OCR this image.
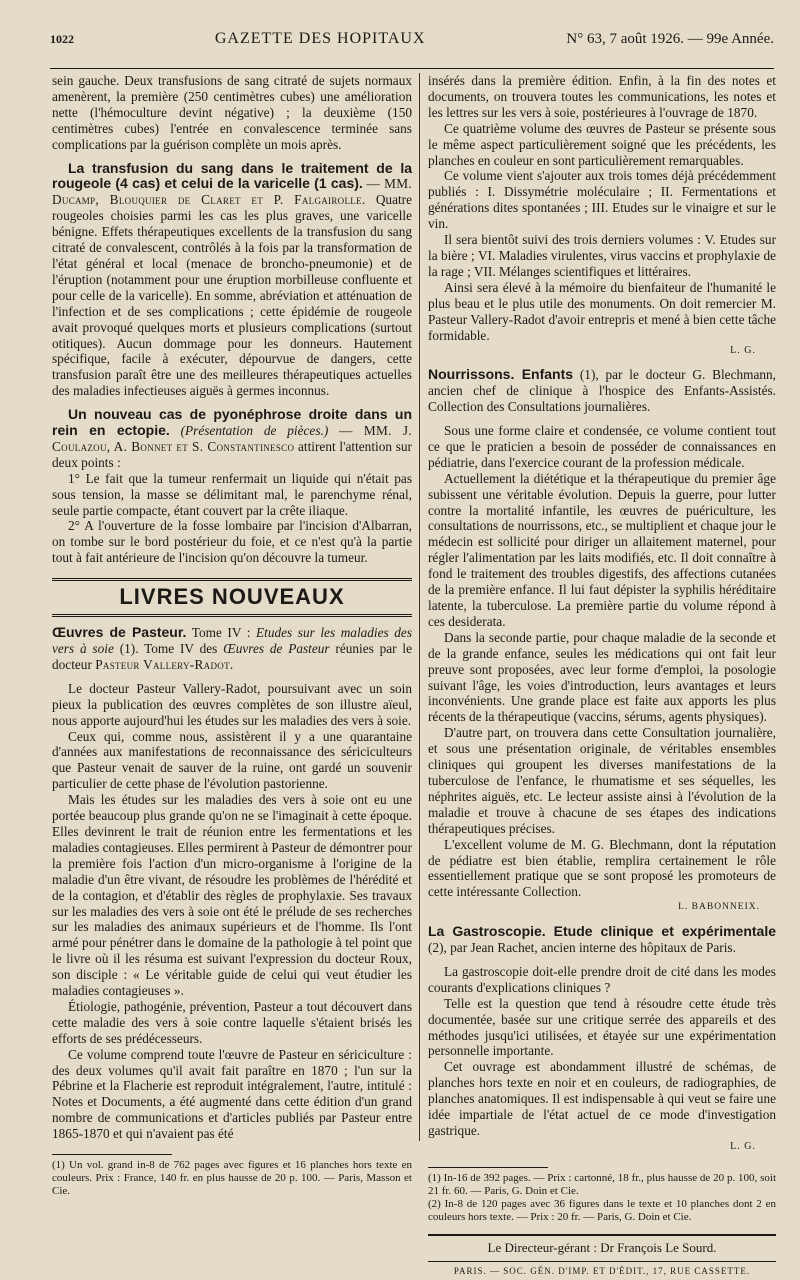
1022	GAZETTE DES HOPITAUX	N° 63, 7 août 1926. — 99e Année.

sein gauche. Deux transfusions de sang citraté de sujets normaux amenèrent, la première (250 centimètres cubes) une amélioration nette (l'hémoculture devint négative) ; la deuxième (150 centimètres cubes) l'entrée en convalescence terminée sans complications par la guérison complète un mois après.

La transfusion du sang dans le traitement de la rougeole (4 cas) et celui de la varicelle (1 cas). — MM. Ducamp, Blouquier de Claret et P. Falgairolle. Quatre rougeoles choisies parmi les cas les plus graves, une varicelle bénigne. Effets thérapeutiques excellents de la transfusion du sang citraté de convalescent, contrôlés à la fois par la transformation de l'état général et local (menace de broncho-pneumonie) et de l'éruption (notamment pour une éruption morbilleuse confluente et pour celle de la varicelle). En somme, abréviation et atténuation de l'infection et de ses complications ; cette épidémie de rougeole avait provoqué quelques morts et plusieurs complications (surtout otitiques). Aucun dommage pour les donneurs. Hautement spécifique, facile à exécuter, dépourvue de dangers, cette transfusion paraît être une des meilleures thérapeutiques actuelles des maladies infectieuses aiguës à germes inconnus.

Un nouveau cas de pyonéphrose droite dans un rein en ectopie. (Présentation de pièces.) — MM. J. Coulazou, A. Bonnet et S. Constantinesco attirent l'attention sur deux points :

1° Le fait que la tumeur renfermait un liquide qui n'était pas sous tension, la masse se délimitant mal, le parenchyme rénal, seule partie compacte, étant couvert par la crête iliaque.

2° A l'ouverture de la fosse lombaire par l'incision d'Albarran, on tombe sur le bord postérieur du foie, et ce n'est qu'à la partie tout à fait antérieure de l'incision qu'on découvre la tumeur.

LIVRES NOUVEAUX

Œuvres de Pasteur. Tome IV : Etudes sur les maladies des vers à soie (1). Tome IV des Œuvres de Pasteur réunies par le docteur Pasteur Vallery-Radot.

Le docteur Pasteur Vallery-Radot, poursuivant avec un soin pieux la publication des œuvres complètes de son illustre aïeul, nous apporte aujourd'hui les études sur les maladies des vers à soie.

Ceux qui, comme nous, assistèrent il y a une quarantaine d'années aux manifestations de reconnaissance des sériciculteurs que Pasteur venait de sauver de la ruine, ont gardé un souvenir particulier de cette phase de l'évolution pastorienne.

Mais les études sur les maladies des vers à soie ont eu une portée beaucoup plus grande qu'on ne se l'imaginait à cette époque. Elles devinrent le trait de réunion entre les fermentations et les maladies contagieuses. Elles permirent à Pasteur de démontrer pour la première fois l'action d'un micro-organisme à l'origine de la maladie d'un être vivant, de résoudre les problèmes de l'hérédité et de la contagion, et d'établir des règles de prophylaxie. Ses travaux sur les maladies des vers à soie ont été le prélude de ses recherches sur les maladies des animaux supérieurs et de l'homme. Ils l'ont armé pour pénétrer dans le domaine de la pathologie à tel point que le livre où il les résuma est suivant l'expression du docteur Roux, son disciple : « Le véritable guide de celui qui veut étudier les maladies contagieuses ».

Étiologie, pathogénie, prévention, Pasteur a tout découvert dans cette maladie des vers à soie contre laquelle s'étaient brisés les efforts de ses prédécesseurs.

Ce volume comprend toute l'œuvre de Pasteur en sériciculture : des deux volumes qu'il avait fait paraître en 1870 ; l'un sur la Pébrine et la Flacherie est reproduit intégralement, l'autre, intitulé : Notes et Documents, a été augmenté dans cette édition d'un grand nombre de communications et d'articles publiés par Pasteur entre 1865-1870 et qui n'avaient pas été

(1) Un vol. grand in-8 de 762 pages avec figures et 16 planches hors texte en couleurs. Prix : France, 140 fr. en plus hausse de 20 p. 100. — Paris, Masson et Cie.

insérés dans la première édition. Enfin, à la fin des notes et documents, on trouvera toutes les communications, les notes et les lettres sur les vers à soie, postérieures à l'ouvrage de 1870.

Ce quatrième volume des œuvres de Pasteur se présente sous le même aspect particulièrement soigné que les précédents, les planches en couleur en sont particulièrement remarquables.

Ce volume vient s'ajouter aux trois tomes déjà précédemment publiés : I. Dissymétrie moléculaire ; II. Fermentations et générations dites spontanées ; III. Etudes sur le vinaigre et sur le vin.

Il sera bientôt suivi des trois derniers volumes : V. Etudes sur la bière ; VI. Maladies virulentes, virus vaccins et prophylaxie de la rage ; VII. Mélanges scientifiques et littéraires.

Ainsi sera élevé à la mémoire du bienfaiteur de l'humanité le plus beau et le plus utile des monuments. On doit remercier M. Pasteur Vallery-Radot d'avoir entrepris et mené à bien cette tâche formidable.

L. G.

Nourrissons. Enfants (1), par le docteur G. Blechmann, ancien chef de clinique à l'hospice des Enfants-Assistés. Collection des Consultations journalières.

Sous une forme claire et condensée, ce volume contient tout ce que le praticien a besoin de posséder de connaissances en pédiatrie, dans l'exercice courant de la profession médicale.

Actuellement la diététique et la thérapeutique du premier âge subissent une véritable évolution. Depuis la guerre, pour lutter contre la mortalité infantile, les œuvres de puériculture, les consultations de nourrissons, etc., se multiplient et chaque jour le médecin est sollicité pour diriger un allaitement maternel, pour régler l'alimentation par les laits modifiés, etc. Il doit connaître à fond le traitement des troubles digestifs, des affections cutanées de la première enfance. Il lui faut dépister la syphilis héréditaire latente, la tuberculose. La première partie du volume répond à ces desiderata.

Dans la seconde partie, pour chaque maladie de la seconde et de la grande enfance, seules les médications qui ont fait leur preuve sont proposées, avec leur forme d'emploi, la posologie suivant l'âge, les voies d'introduction, leurs avantages et leurs inconvénients. Une grande place est faite aux apports les plus récents de la thérapeutique (vaccins, sérums, agents physiques).

D'autre part, on trouvera dans cette Consultation journalière, et sous une présentation originale, de véritables ensembles cliniques qui groupent les diverses manifestations de la tuberculose de l'enfance, le rhumatisme et ses séquelles, les néphrites aiguës, etc. Le lecteur assiste ainsi à l'évolution de la maladie et trouve à chacune de ses étapes des indications thérapeutiques précises.

L'excellent volume de M. G. Blechmann, dont la réputation de pédiatre est bien établie, remplira certainement le rôle essentiellement pratique que se sont proposé les promoteurs de cette intéressante Collection.

L. BABONNEIX.

La Gastroscopie. Etude clinique et expérimentale (2), par Jean Rachet, ancien interne des hôpitaux de Paris.

La gastroscopie doit-elle prendre droit de cité dans les modes courants d'explications cliniques ?

Telle est la question que tend à résoudre cette étude très documentée, basée sur une critique serrée des appareils et des méthodes jusqu'ici utilisées, et étayée sur une expérimentation personnelle importante.

Cet ouvrage est abondamment illustré de schémas, de planches hors texte en noir et en couleurs, de radiographies, de planches anatomiques. Il est indispensable à qui veut se faire une idée impartiale de l'état actuel de ce mode d'investigation gastrique.

L. G.

(1) In-16 de 392 pages. — Prix : cartonné, 18 fr., plus hausse de 20 p. 100, soit 21 fr. 60. — Paris, G. Doin et Cie.

(2) In-8 de 120 pages avec 36 figures dans le texte et 10 planches dont 2 en couleurs hors texte. — Prix : 20 fr. — Paris, G. Doin et Cie.

Le Directeur-gérant : Dr François Le Sourd.
PARIS. — SOC. GÉN. D'IMP. ET D'ÉDIT., 17, RUE CASSETTE.
